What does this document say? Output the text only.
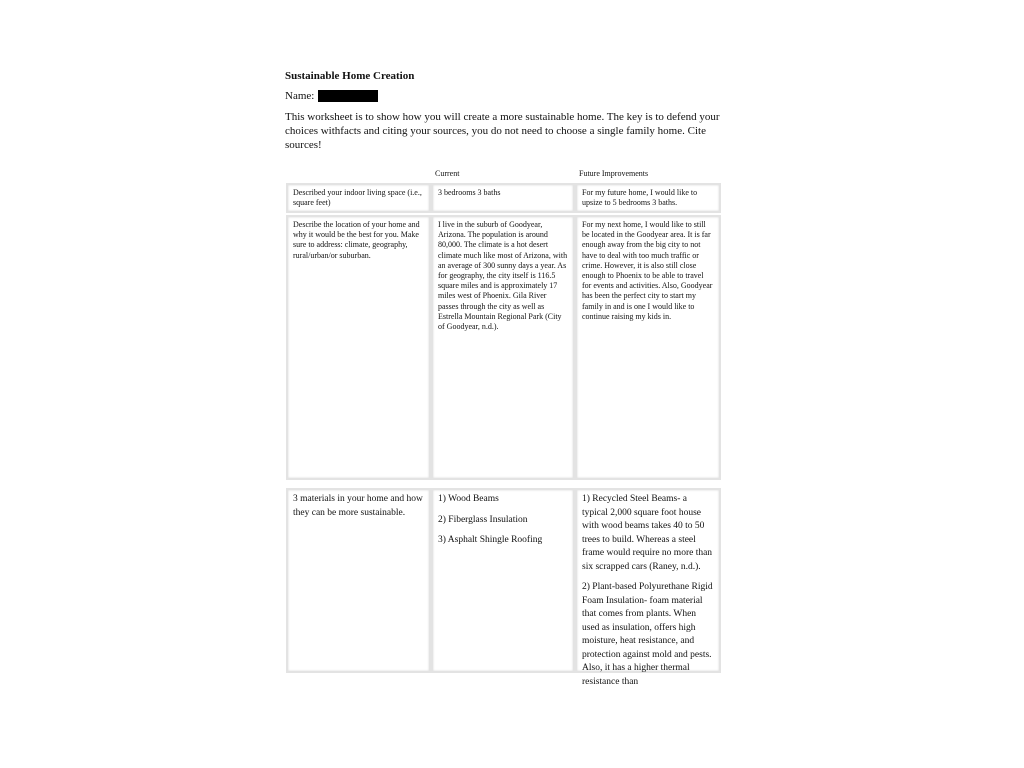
Sustainable Home Creation

Name:
This worksheet is to show how you will create a more sustainable home. The key is to defend your choices withfacts and citing your sources, you do not need to choose a single family home. Cite sources!
Current	Future Improvements
Described your indoor living space (i.e., square feet)
3 bedrooms 3 baths	For my future home, I would like to upsize to 5 bedrooms 3 baths.
Describe the location of your home and why it would be the best for you. Make sure to address: climate, geography, rural/urban/or suburban.
I live in the suburb of Goodyear, Arizona. The population is around 80,000. The climate is a hot desert climate much like most of Arizona, with an average of 300 sunny days a year. As for geography, the city itself is 116.5 square miles and is approximately 17 miles west of Phoenix. Gila River passes through the city as well as Estrella Mountain Regional Park (City of Goodyear, n.d.).
For my next home, I would like to still be located in the Goodyear area. It is far enough away from the big city to not have to deal with too much traffic or crime. However, it is also still close enough to Phoenix to be able to travel for events and activities. Also, Goodyear has been the perfect city to start my family in and is one I would like to continue raising my kids in.
3 materials in your home and how they can be more sustainable.

1) Wood Beams

2) Fiberglass Insulation

3) Asphalt Shingle Roofing

1) Recycled Steel Beams- a typical 2,000 square foot house with wood beams takes 40 to 50 trees to build. Whereas a steel frame would require no more than six scrapped cars (Raney, n.d.).

2) Plant-based Polyurethane Rigid Foam Insulation- foam material that comes from plants. When used as insulation, offers high moisture, heat resistance, and protection against mold and pests. Also, it has a higher thermal resistance than
